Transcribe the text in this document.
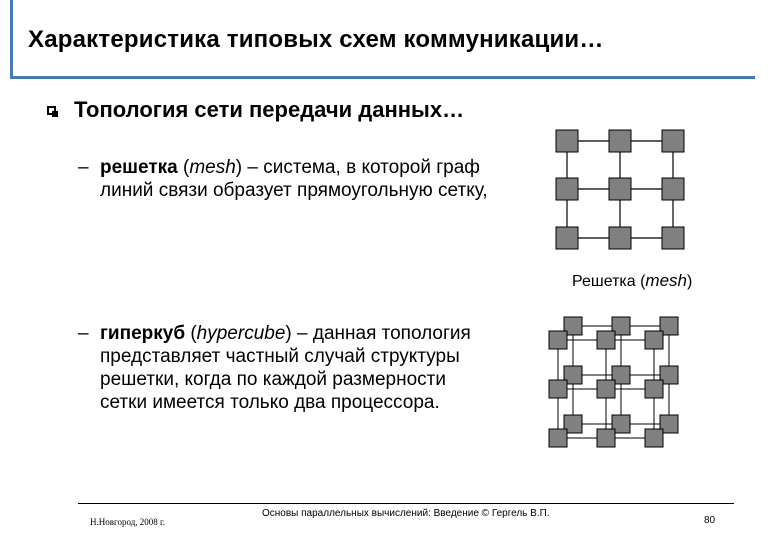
Характеристика типовых схем коммуникации…
Топология сети передачи данных…
– решетка (mesh) – система, в которой граф
линий связи образует прямоугольную сетку,
– гиперкуб (hypercube) – данная топология
представляет частный случай структуры
решетки, когда по каждой размерности
сетки имеется только два процессора.
Решетка (mesh)
Н.Новгород, 2008 г.
Основы параллельных вычислений: Введение © Гергель В.П.
80
